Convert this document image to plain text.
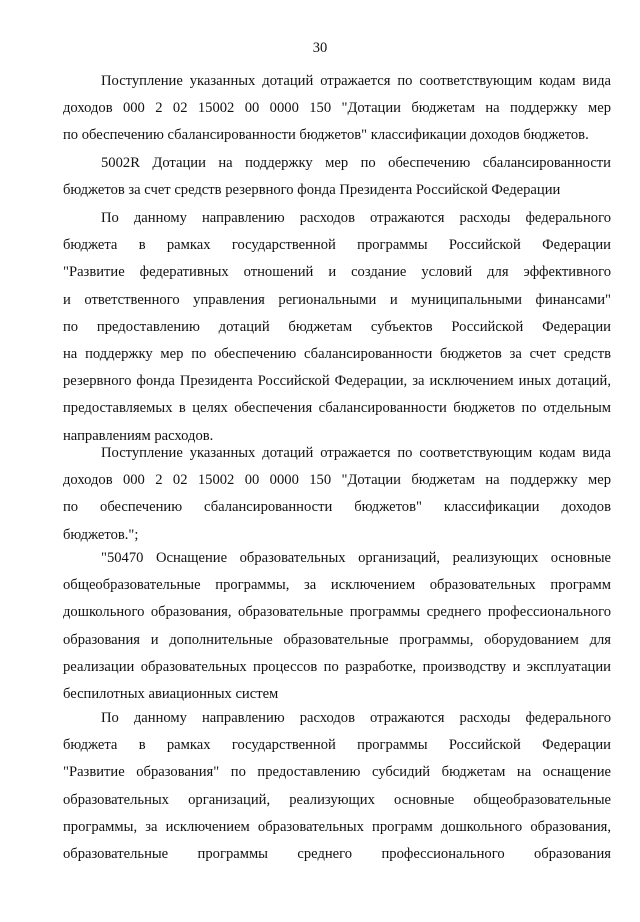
30
Поступление указанных дотаций отражается по соответствующим кодам вида
доходов 000 2 02 15002 00 0000 150 "Дотации бюджетам на поддержку мер
по обеспечению сбалансированности бюджетов" классификации доходов бюджетов.
5002R Дотации на поддержку мер по обеспечению сбалансированности
бюджетов за счет средств резервного фонда Президента Российской Федерации
По данному направлению расходов отражаются расходы федерального
бюджета в рамках государственной программы Российской Федерации
"Развитие федеративных отношений и создание условий для эффективного
и ответственного управления региональными и муниципальными финансами"
по предоставлению дотаций бюджетам субъектов Российской Федерации
на поддержку мер по обеспечению сбалансированности бюджетов за счет средств
резервного фонда Президента Российской Федерации, за исключением иных дотаций,
предоставляемых в целях обеспечения сбалансированности бюджетов по отдельным
направлениям расходов.
Поступление указанных дотаций отражается по соответствующим кодам вида
доходов 000 2 02 15002 00 0000 150 "Дотации бюджетам на поддержку мер
по обеспечению сбалансированности бюджетов" классификации доходов
бюджетов.";
"50470 Оснащение образовательных организаций, реализующих основные
общеобразовательные программы, за исключением образовательных программ
дошкольного образования, образовательные программы среднего профессионального
образования и дополнительные образовательные программы, оборудованием для
реализации образовательных процессов по разработке, производству и эксплуатации
беспилотных авиационных систем
По данному направлению расходов отражаются расходы федерального
бюджета в рамках государственной программы Российской Федерации
"Развитие образования" по предоставлению субсидий бюджетам на оснащение
образовательных организаций, реализующих основные общеобразовательные
программы, за исключением образовательных программ дошкольного образования,
образовательные программы среднего профессионального образования
